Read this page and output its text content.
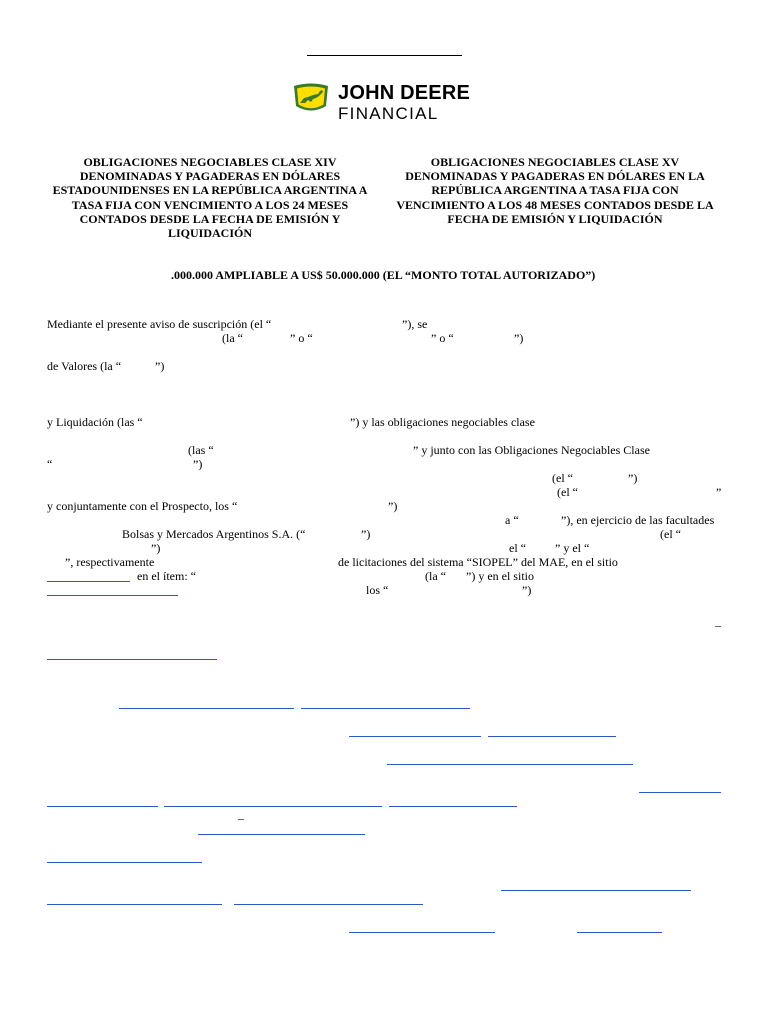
JOHN DEERE
FINANCIAL
OBLIGACIONES NEGOCIABLES CLASE XIV DENOMINADAS Y PAGADERAS EN DÓLARES ESTADOUNIDENSES EN LA REPÚBLICA ARGENTINA A TASA FIJA CON VENCIMIENTO A LOS 24 MESES CONTADOS DESDE LA FECHA DE EMISIÓN Y LIQUIDACIÓN
OBLIGACIONES NEGOCIABLES CLASE XV DENOMINADAS Y PAGADERAS EN DÓLARES EN LA REPÚBLICA ARGENTINA A TASA FIJA CON VENCIMIENTO A LOS 48 MESES CONTADOS DESDE LA FECHA DE EMISIÓN Y LIQUIDACIÓN
.000.000 AMPLIABLE A US$ 50.000.000 (EL “MONTO TOTAL AUTORIZADO”)
Mediante el presente aviso de suscripción (el “	”), se
(la “	” o “	” o “	”)
de Valores (la “	”)
y Liquidación (las “	”) y las obligaciones negociables clase
(las “	” y junto con las Obligaciones Negociables Clase
“	”)
(el “	”)
(el “	”
y conjuntamente con el Prospecto, los “	”)
a “	”), en ejercicio de las facultades
Bolsas y Mercados Argentinos S.A. (“	”)	(el “
”)	el “ ” y el “
”, respectivamente	de licitaciones del sistema “SIOPEL” del MAE, en el sitio
en el ítem: “	(la “ ”) y en el sitio
los “	”)
–
–
